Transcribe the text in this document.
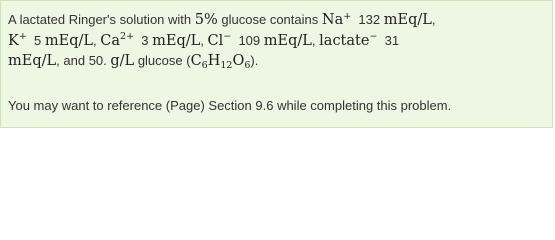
A lactated Ringer's solution with 5% glucose contains Na+ 132 mEq/L,
K+ 5 mEq/L, $Ca^{2+}$ 3 mEq/L, Cl− 109 mEq/L, lactate− 31
mEq/L, and 50. g/L glucose $(C_6H_{12}O_6)$.
You may want to reference (Page) Section 9.6 while completing this problem.
